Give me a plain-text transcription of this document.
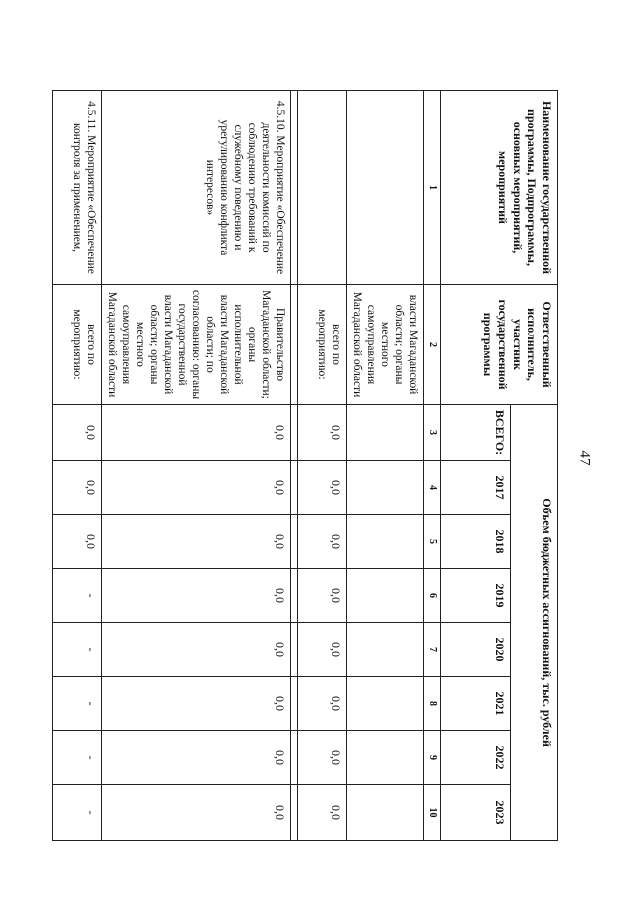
47
Наименование государственной программы, Подпрограммы, основных мероприятий, мероприятий	Ответственный исполнитель, участник государственной программы	Объем бюджетных ассигнований, тыс. рублей							
		ВСЕГО:	2017	2018	2019	2020	2021	2022	2023
1	2	3	4	5	6	7	8	9	10
	власти Магаданской области; органы местного самоуправления Магаданской области								
	всего по мероприятию:	0,0	0,0	0,0	0,0	0,0	0,0	0,0	0,0

4.5.10. Мероприятие «Обеспечение деятельности комиссий по соблюдению требований к служебному поведению и урегулированию конфликта интересов»	Правительство Магаданской области; органы исполнительной власти Магаданской области; по согласованию: органы государственной власти Магаданской области; органы местного самоуправления Магаданской области	0,0	0,0	0,0	0,0	0,0	0,0	0,0	0,0
4.5.11. Мероприятие «Обеспечение контроля за применением,	всего по мероприятию:	0,0	0,0	0,0	-	-	-	-	-
